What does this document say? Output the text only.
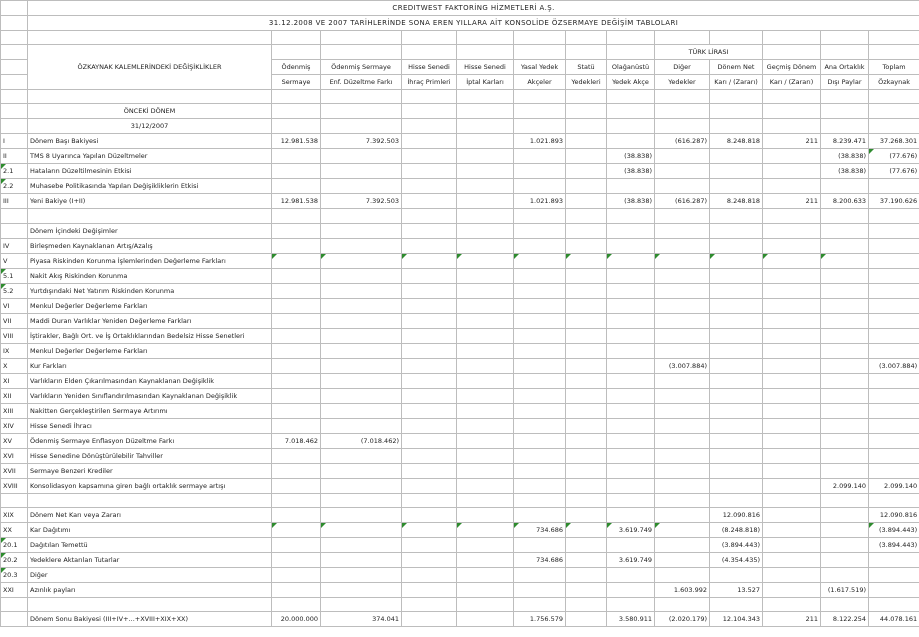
	CREDITWEST FAKTORİNG HİZMETLERİ A.Ş.												
	31.12.2008 VE 2007 TARİHLERİNDE SONA EREN YILLARA AİT KONSOLİDE ÖZSERMAYE DEĞİŞİM TABLOLARI												

	ÖZKAYNAK KALEMLERİNDEKİ DEĞİŞİKLİKLER								TÜRK LİRASI				
		Ödenmiş	Ödenmiş Sermaye	Hisse Senedi	Hisse Senedi	Yasal Yedek	Statü	Olağanüstü	Diğer	Dönem Net	Geçmiş Dönem	Ana Ortaklık	Toplam
		Sermaye	Enf. Düzeltme Farkı	İhraç Primleri	İptal Karları	Akçeler	Yedekleri	Yedek Akçe	Yedekler	Karı / (Zararı)	Karı / (Zararı)	Dışı Paylar	Özkaynak

	ÖNCEKİ DÖNEM												
	31/12/2007												
I	Dönem Başı Bakiyesi	12.981.538	7.392.503			1.021.893			(616.287)	8.248.818	211	8.239.471	37.268.301
II	TMS 8 Uyarınca Yapılan Düzeltmeler							(38.838)				(38.838)	(77.676)
2.1	Hataların Düzeltilmesinin Etkisi							(38.838)				(38.838)	(77.676)
2.2	Muhasebe Politikasında Yapılan Değişikliklerin Etkisi												
III	Yeni Bakiye (I+II)	12.981.538	7.392.503			1.021.893		(38.838)	(616.287)	8.248.818	211	8.200.633	37.190.626

	Dönem İçindeki Değişimler												
IV	Birleşmeden Kaynaklanan Artış/Azalış												
V	Piyasa Riskinden Korunma İşlemlerinden Değerleme Farkları												
5.1	Nakit Akış Riskinden Korunma												
5.2	Yurtdışındaki Net Yatırım Riskinden Korunma												
VI	Menkul Değerler Değerleme Farkları												
VII	Maddi Duran Varlıklar Yeniden Değerleme Farkları												
VIII	İştirakler, Bağlı Ort. ve İş Ortaklıklarından Bedelsiz Hisse Senetleri												
IX	Menkul Değerler Değerleme Farkları												
X	Kur Farkları								(3.007.884)				(3.007.884)
XI	Varlıkların Elden Çıkarılmasından Kaynaklanan Değişiklik												
XII	Varlıkların Yeniden Sınıflandırılmasından Kaynaklanan Değişiklik												
XIII	Nakitten Gerçekleştirilen Sermaye Artırımı												
XIV	Hisse Senedi İhracı												
XV	Ödenmiş Sermaye Enflasyon Düzeltme Farkı	7.018.462	(7.018.462)										
XVI	Hisse Senedine Dönüştürülebilir Tahviller												
XVII	Sermaye Benzeri Krediler												
XVIII	Konsolidasyon kapsamına giren bağlı ortaklık sermaye artışı											2.099.140	2.099.140

XIX	Dönem Net Karı veya Zararı									12.090.816			12.090.816
XX	Kar Dağıtımı					734.686		3.619.749		(8.248.818)			(3.894.443)
20.1	Dağıtılan Temettü									(3.894.443)			(3.894.443)
20.2	Yedeklere Aktarılan Tutarlar					734.686		3.619.749		(4.354.435)			
20.3	Diğer												
XXI	Azınlık payları								1.603.992	13.527		(1.617.519)	

	Dönem Sonu Bakiyesi (III+IV+...+XVIII+XIX+XX)	20.000.000	374.041			1.756.579		3.580.911	(2.020.179)	12.104.343	211	8.122.254	44.078.161
